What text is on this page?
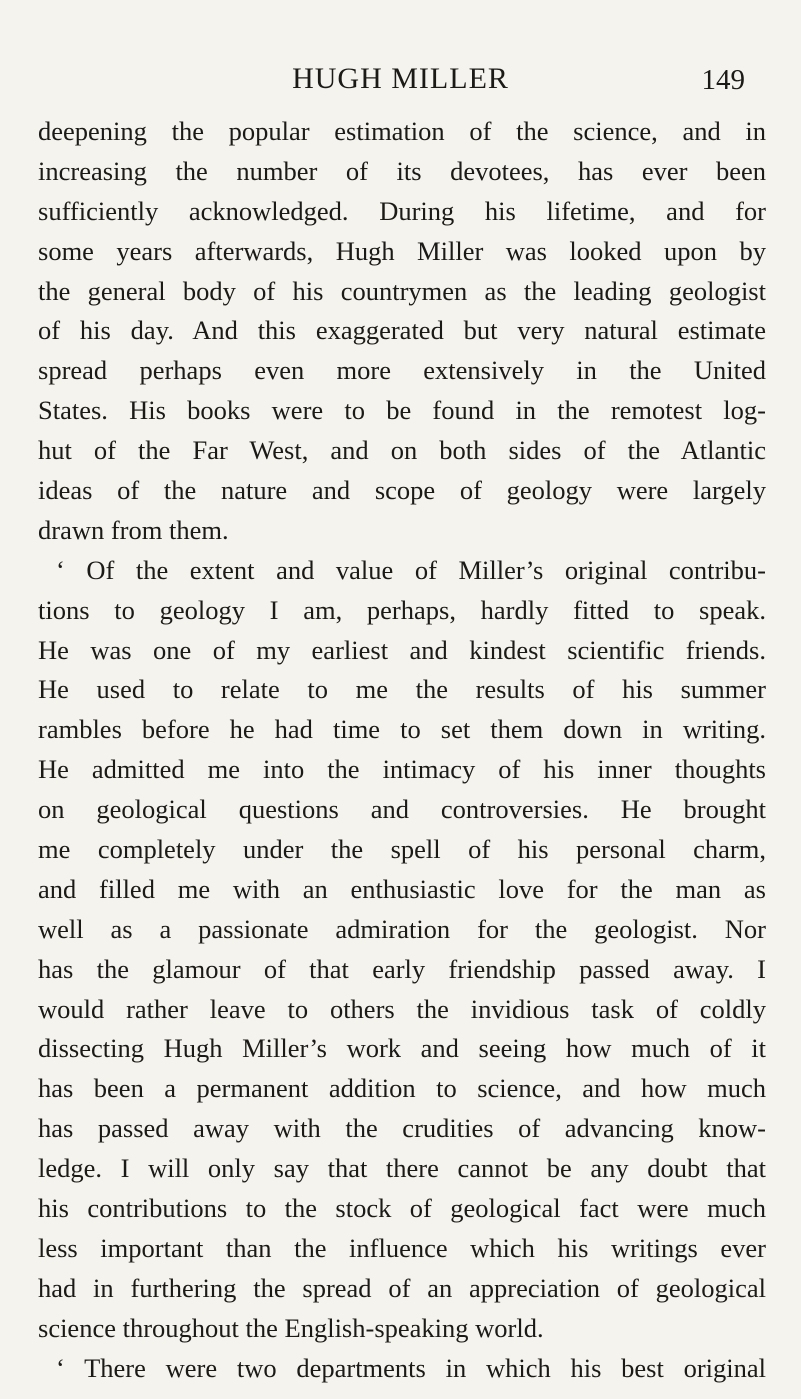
HUGH MILLER	149
deepening the popular estimation of the science, and in
increasing the number of its devotees, has ever been
sufficiently acknowledged. During his lifetime, and for
some years afterwards, Hugh Miller was looked upon by
the general body of his countrymen as the leading geologist
of his day. And this exaggerated but very natural estimate
spread perhaps even more extensively in the United
States. His books were to be found in the remotest log-
hut of the Far West, and on both sides of the Atlantic
ideas of the nature and scope of geology were largely
drawn from them.
‘ Of the extent and value of Miller’s original contribu-
tions to geology I am, perhaps, hardly fitted to speak.
He was one of my earliest and kindest scientific friends.
He used to relate to me the results of his summer
rambles before he had time to set them down in writing.
He admitted me into the intimacy of his inner thoughts
on geological questions and controversies. He brought
me completely under the spell of his personal charm,
and filled me with an enthusiastic love for the man as
well as a passionate admiration for the geologist. Nor
has the glamour of that early friendship passed away. I
would rather leave to others the invidious task of coldly
dissecting Hugh Miller’s work and seeing how much of it
has been a permanent addition to science, and how much
has passed away with the crudities of advancing know-
ledge. I will only say that there cannot be any doubt that
his contributions to the stock of geological fact were much
less important than the influence which his writings ever
had in furthering the spread of an appreciation of geological
science throughout the English-speaking world.
‘ There were two departments in which his best original
